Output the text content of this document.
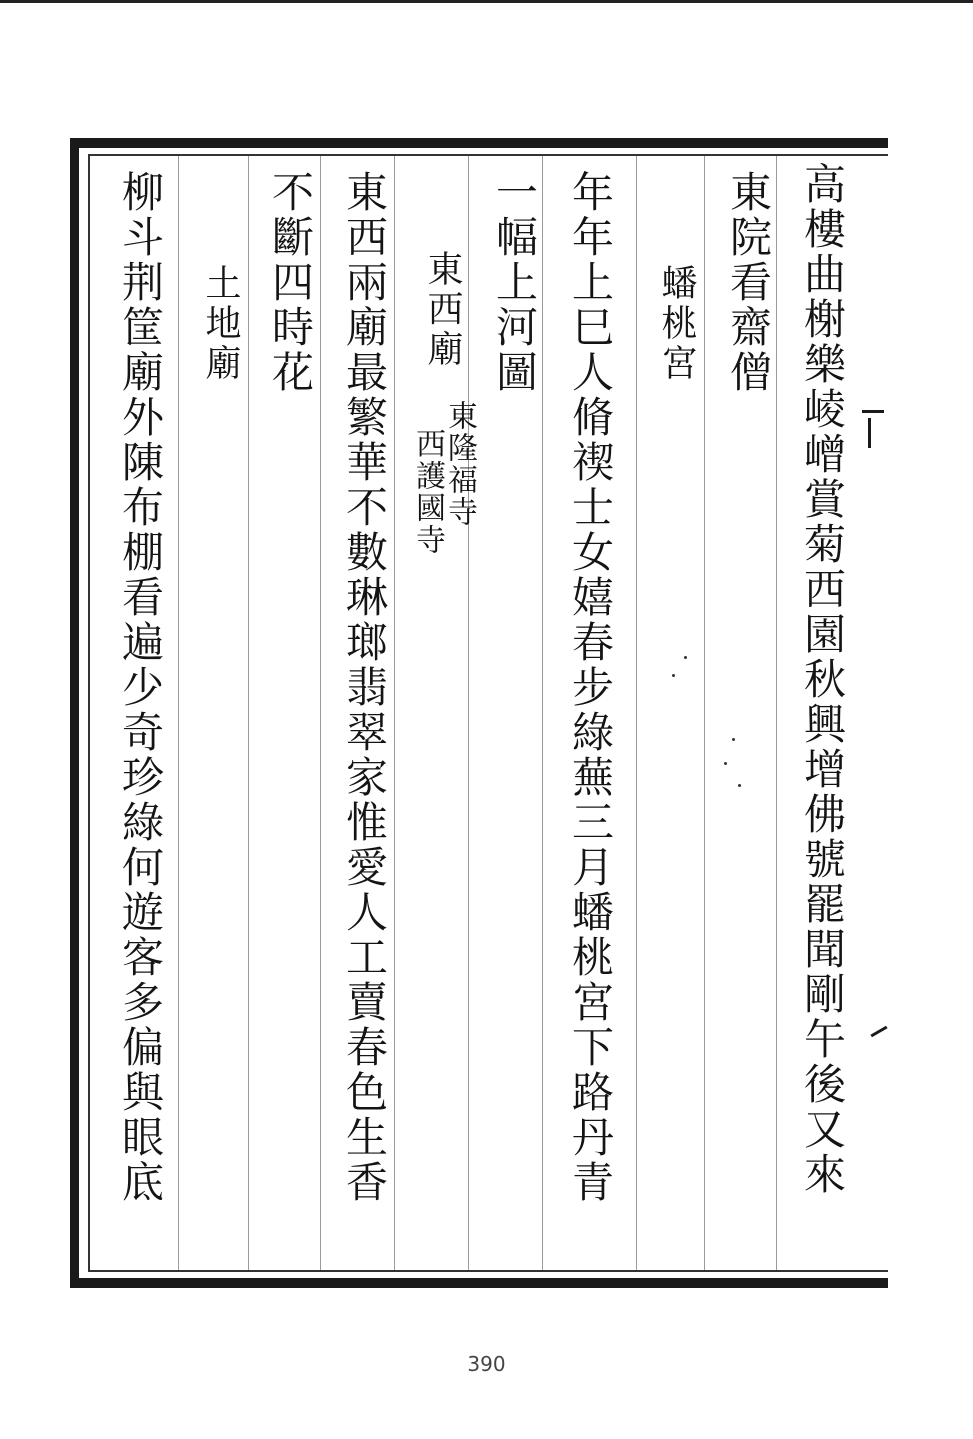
高樓曲榭樂崚嶒賞菊西園秋興增佛號罷聞剛午後又來
東院看齋僧
蟠桃宮
年年上巳人脩禊士女嬉春步綠蕪三月蟠桃宮下路丹青
一幅上河圖
東西廟
東隆福寺
西護國寺
東西兩廟最繁華不數琳瑯翡翠家惟愛人工賣春色生香
不斷四時花
土地廟
柳斗荆筐廟外陳布棚看遍少奇珍綠何遊客多偏與眼底
390
